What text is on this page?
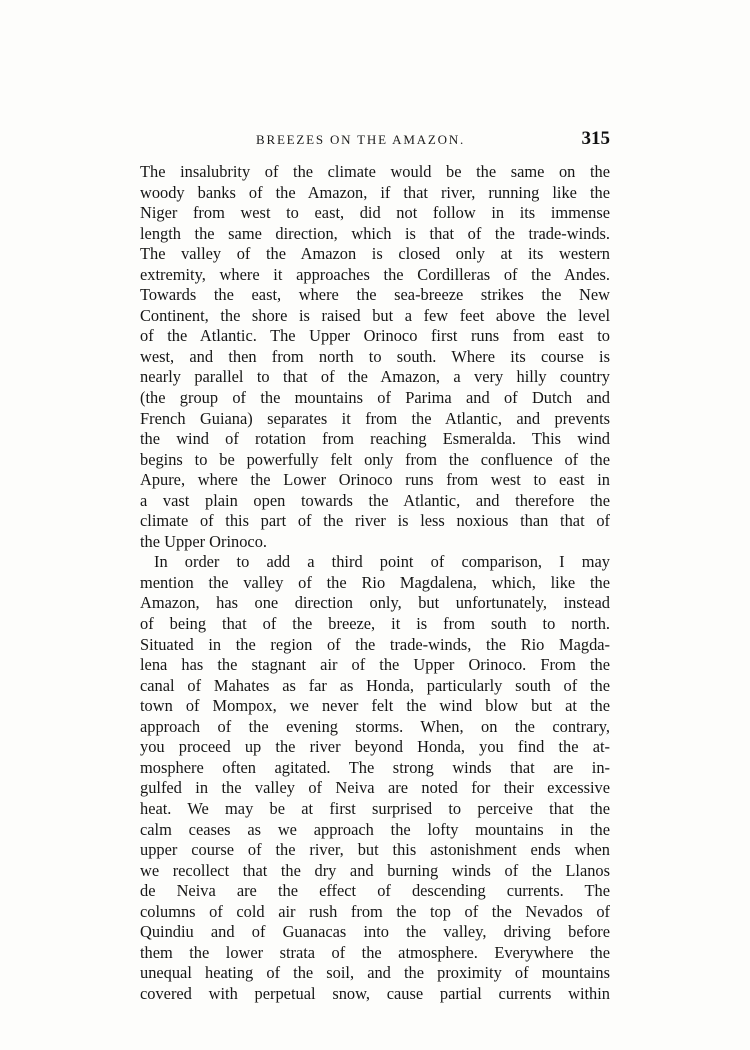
BREEZES ON THE AMAZON.	315
The insalubrity of the climate would be the same on the
woody banks of the Amazon, if that river, running like the
Niger from west to east, did not follow in its immense
length the same direction, which is that of the trade-winds.
The valley of the Amazon is closed only at its western
extremity, where it approaches the Cordilleras of the Andes.
Towards the east, where the sea-breeze strikes the New
Continent, the shore is raised but a few feet above the level
of the Atlantic. The Upper Orinoco first runs from east to
west, and then from north to south. Where its course is
nearly parallel to that of the Amazon, a very hilly country
(the group of the mountains of Parima and of Dutch and
French Guiana) separates it from the Atlantic, and prevents
the wind of rotation from reaching Esmeralda. This wind
begins to be powerfully felt only from the confluence of the
Apure, where the Lower Orinoco runs from west to east in
a vast plain open towards the Atlantic, and therefore the
climate of this part of the river is less noxious than that of
the Upper Orinoco.
In order to add a third point of comparison, I may
mention the valley of the Rio Magdalena, which, like the
Amazon, has one direction only, but unfortunately, instead
of being that of the breeze, it is from south to north.
Situated in the region of the trade-winds, the Rio Magda-
lena has the stagnant air of the Upper Orinoco. From the
canal of Mahates as far as Honda, particularly south of the
town of Mompox, we never felt the wind blow but at the
approach of the evening storms. When, on the contrary,
you proceed up the river beyond Honda, you find the at-
mosphere often agitated. The strong winds that are in-
gulfed in the valley of Neiva are noted for their excessive
heat. We may be at first surprised to perceive that the
calm ceases as we approach the lofty mountains in the
upper course of the river, but this astonishment ends when
we recollect that the dry and burning winds of the Llanos
de Neiva are the effect of descending currents. The
columns of cold air rush from the top of the Nevados of
Quindiu and of Guanacas into the valley, driving before
them the lower strata of the atmosphere. Everywhere the
unequal heating of the soil, and the proximity of mountains
covered with perpetual snow, cause partial currents within
